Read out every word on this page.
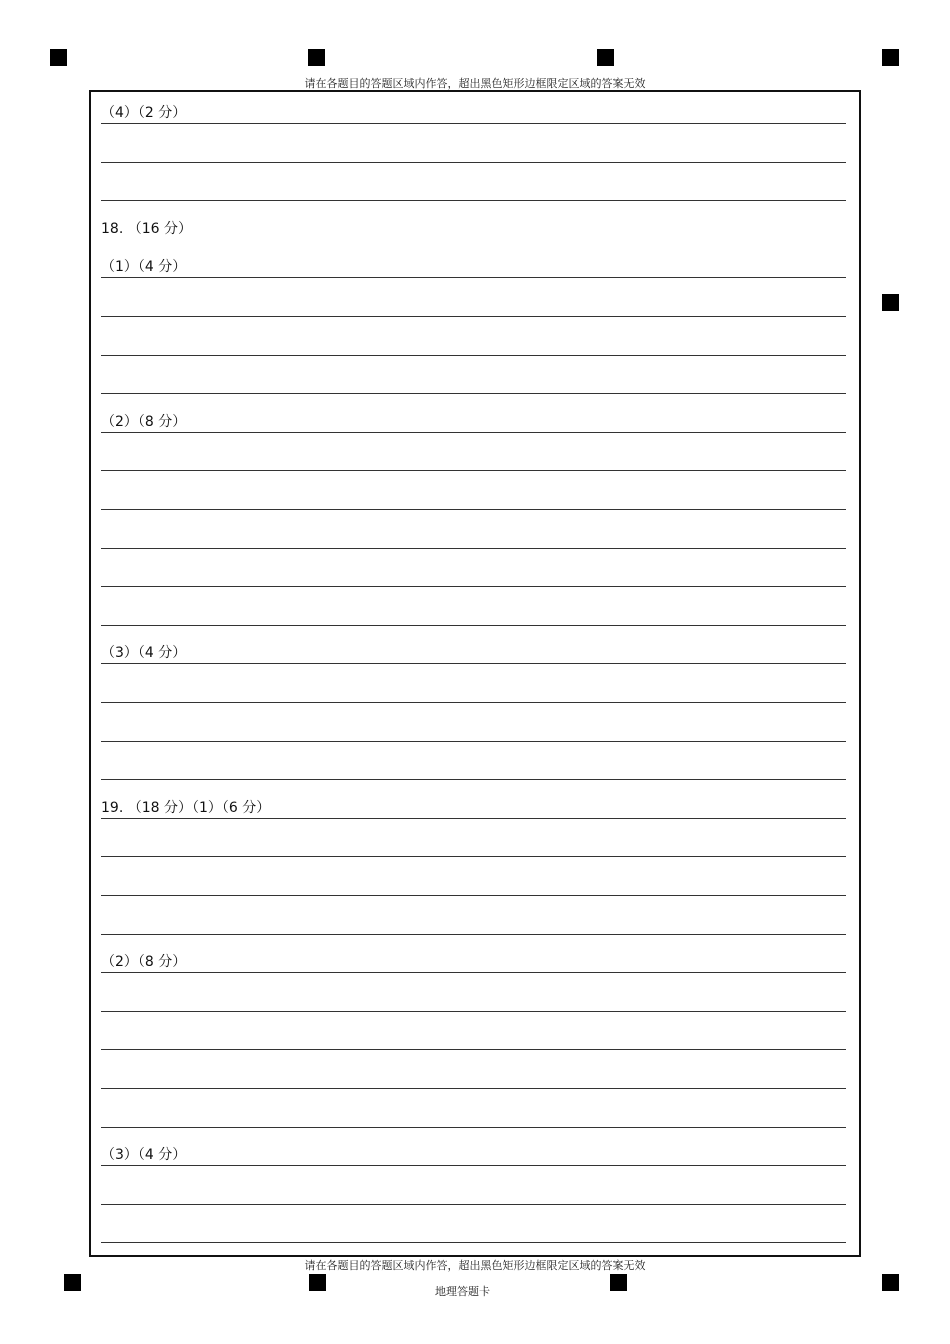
请在各题目的答题区域内作答，超出黑色矩形边框限定区域的答案无效
（4）（2 分）
18. （16 分）
（1）（4 分）
（2）（8 分）
（3）（4 分）
19. （18 分）（1）（6 分）
（2）（8 分）
（3）（4 分）
请在各题目的答题区域内作答，超出黑色矩形边框限定区域的答案无效
地理答题卡
